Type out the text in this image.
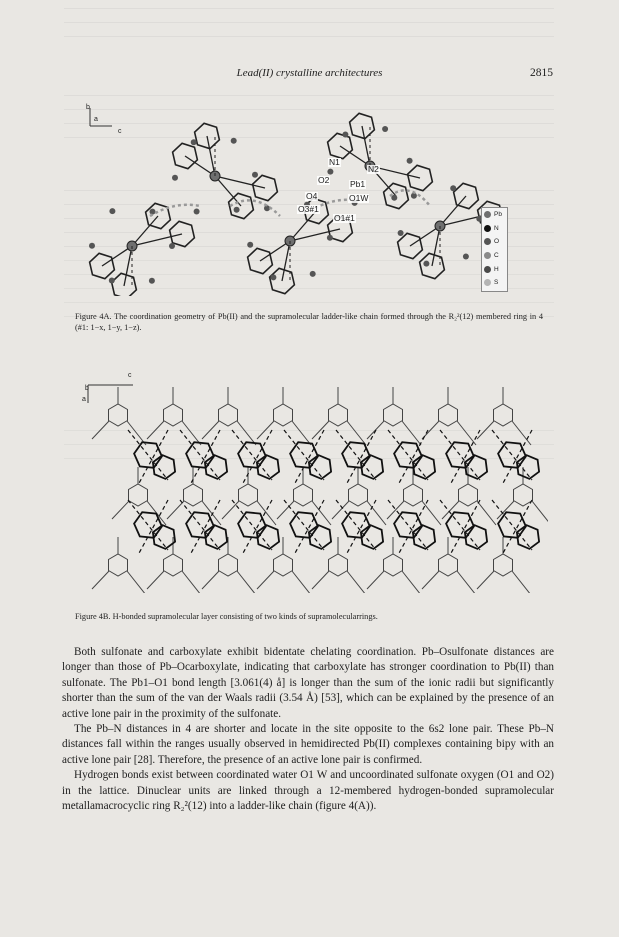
Lead(II) crystalline architectures	2815
b
a
c
N1
N2
Pb1
O2
O4	O1W
O3#1
O1#1	Pb
N
O
C
H
S
Figure 4A. The coordination geometry of Pb(II) and the supramolecular ladder-like chain formed through the R₂²(12) membered ring in 4 (#1: 1−x, 1−y, 1−z).
c
b
a
Figure 4B. H-bonded supramolecular layer consisting of two kinds of supramolecularrings.

Both sulfonate and carboxylate exhibit bidentate chelating coordination. Pb–Osulfonate distances are longer than those of Pb–Ocarboxylate, indicating that carboxylate has stronger coordination to Pb(II) than sulfonate. The Pb1–O1 bond length [3.061(4) å] is longer than the sum of the ionic radii but significantly shorter than the sum of the van der Waals radii (3.54 Å) [53], which can be explained by the presence of an active lone pair in the proximity of the sulfonate.

The Pb–N distances in 4 are shorter and locate in the site opposite to the 6s2 lone pair. These Pb–N distances fall within the ranges usually observed in hemidirected Pb(II) complexes containing bipy with an active lone pair [28]. Therefore, the presence of an active lone pair is confirmed.

Hydrogen bonds exist between coordinated water O1 W and uncoordinated sulfonate oxygen (O1 and O2) in the lattice. Dinuclear units are linked through a 12-membered hydrogen-bonded supramolecular metallamacrocyclic ring R₂²(12) into a ladder-like chain (figure 4(A)).
